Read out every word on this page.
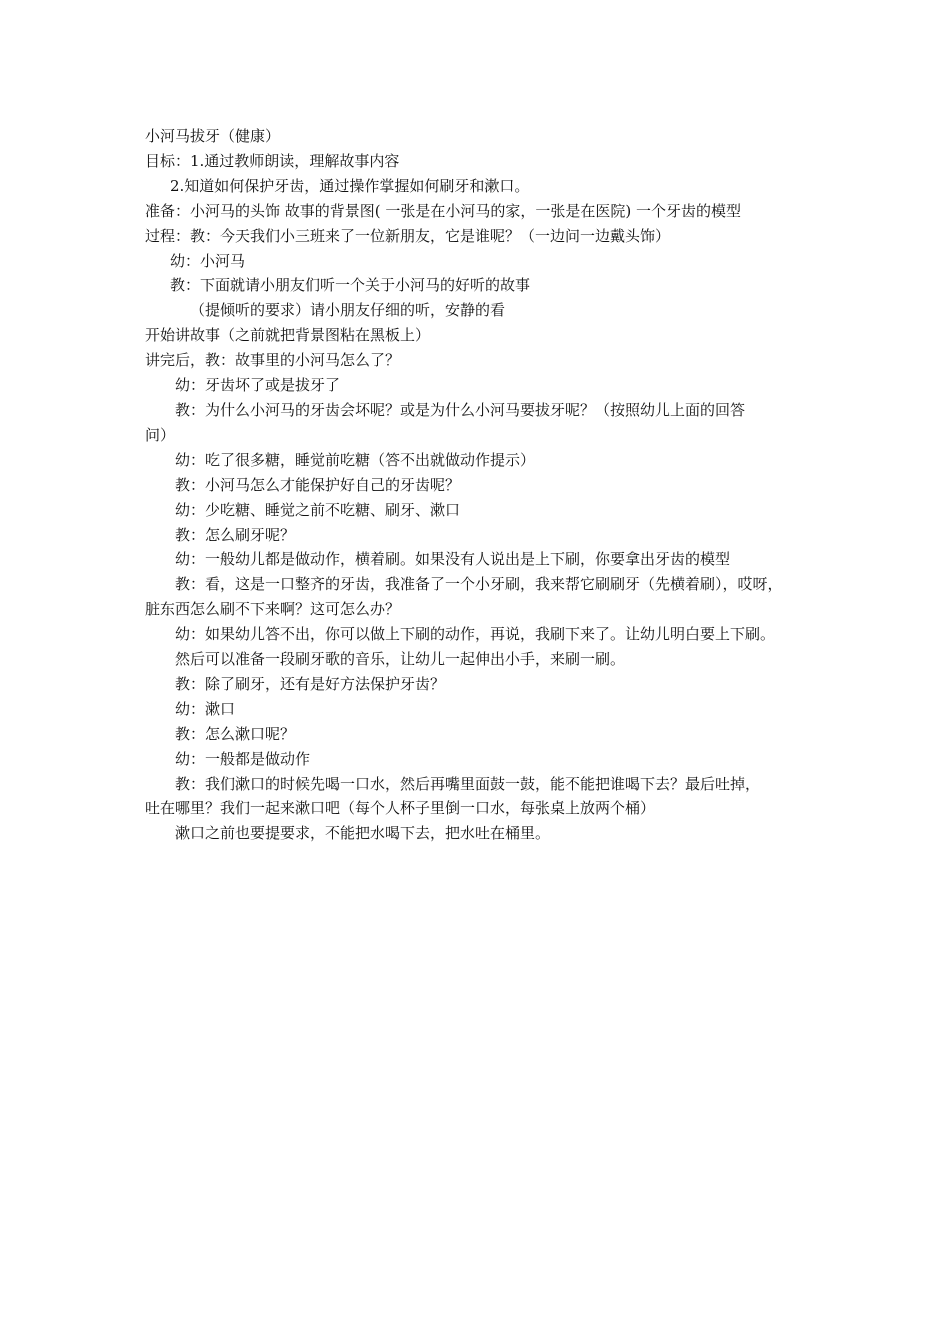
小河马拔牙（健康）
目标：1.通过教师朗读，理解故事内容
2.知道如何保护牙齿，通过操作掌握如何刷牙和漱口。
准备：小河马的头饰 故事的背景图( 一张是在小河马的家，一张是在医院) 一个牙齿的模型
过程：教：今天我们小三班来了一位新朋友，它是谁呢？（一边问一边戴头饰）
幼：小河马
教：下面就请小朋友们听一个关于小河马的好听的故事
（提倾听的要求）请小朋友仔细的听，安静的看
开始讲故事（之前就把背景图粘在黑板上）
讲完后，教：故事里的小河马怎么了？
幼：牙齿坏了或是拔牙了
教：为什么小河马的牙齿会坏呢？或是为什么小河马要拔牙呢？（按照幼儿上面的回答
问）
幼：吃了很多糖，睡觉前吃糖（答不出就做动作提示）
教：小河马怎么才能保护好自己的牙齿呢？
幼：少吃糖、睡觉之前不吃糖、刷牙、漱口
教：怎么刷牙呢？
幼：一般幼儿都是做动作，横着刷。如果没有人说出是上下刷，你要拿出牙齿的模型
教：看，这是一口整齐的牙齿，我准备了一个小牙刷，我来帮它刷刷牙（先横着刷），哎呀，
脏东西怎么刷不下来啊？这可怎么办？
幼：如果幼儿答不出，你可以做上下刷的动作，再说，我刷下来了。让幼儿明白要上下刷。
然后可以准备一段刷牙歌的音乐，让幼儿一起伸出小手，来刷一刷。
教：除了刷牙，还有是好方法保护牙齿？
幼：漱口
教：怎么漱口呢？
幼：一般都是做动作
教：我们漱口的时候先喝一口水，然后再嘴里面鼓一鼓，能不能把谁喝下去？最后吐掉，
吐在哪里？我们一起来漱口吧（每个人杯子里倒一口水，每张桌上放两个桶）
漱口之前也要提要求，不能把水喝下去，把水吐在桶里。
